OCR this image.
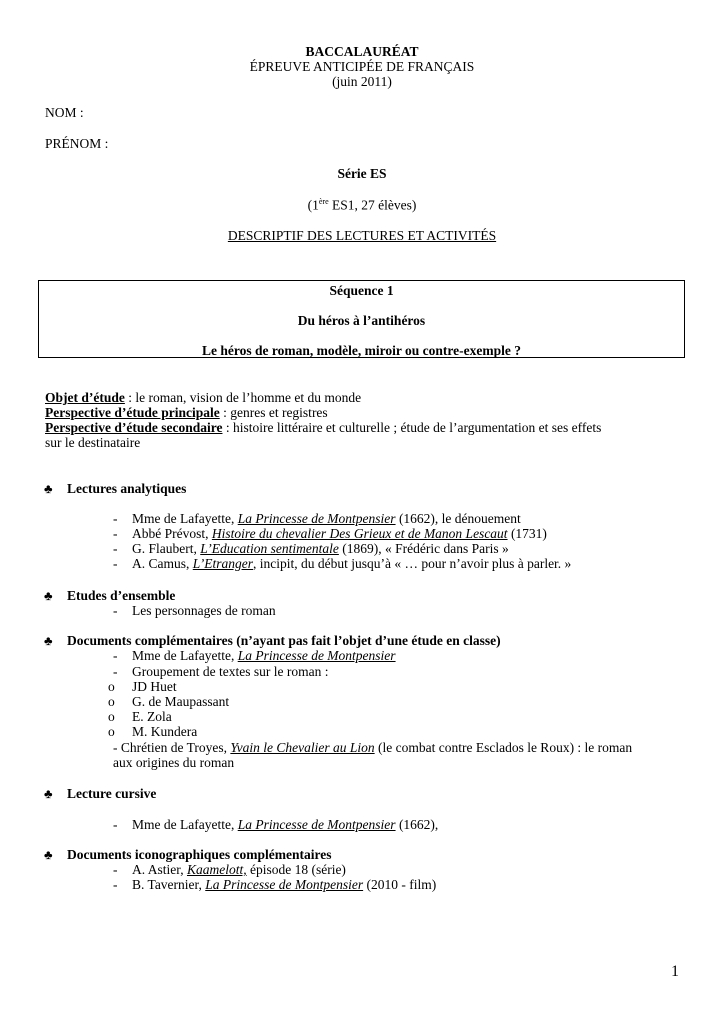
BACCALAURÉAT
ÉPREUVE ANTICIPÉE DE FRANÇAIS
(juin 2011)
NOM :
PRÉNOM :
Série ES
(1ère ES1, 27 élèves)
DESCRIPTIF DES LECTURES ET ACTIVITÉS
Séquence 1
Du héros à l’antihéros
Le héros de roman, modèle, miroir ou contre-exemple ?
Objet d’étude : le roman, vision de l’homme et du monde
Perspective d’étude principale : genres et registres
Perspective d’étude secondaire : histoire littéraire et culturelle ; étude de l’argumentation et ses effets
sur le destinataire
♣ Lectures analytiques
- Mme de Lafayette, La Princesse de Montpensier (1662), le dénouement
- Abbé Prévost, Histoire du chevalier Des Grieux et de Manon Lescaut (1731)
- G. Flaubert, L’Education sentimentale (1869), « Frédéric dans Paris »
- A. Camus, L’Etranger, incipit, du début jusqu’à « … pour n’avoir plus à parler. »
♣ Etudes d’ensemble
- Les personnages de roman
♣ Documents complémentaires (n’ayant pas fait l’objet d’une étude en classe)
- Mme de Lafayette, La Princesse de Montpensier
- Groupement de textes sur le roman :
o JD Huet
o G. de Maupassant
o E. Zola
o M. Kundera
- Chrétien de Troyes, Yvain le Chevalier au Lion (le combat contre Esclados le Roux) : le roman
aux origines du roman
♣ Lecture cursive
- Mme de Lafayette, La Princesse de Montpensier (1662),
♣ Documents iconographiques complémentaires
- A. Astier, Kaamelott, épisode 18 (série)
- B. Tavernier, La Princesse de Montpensier (2010 - film)
1
